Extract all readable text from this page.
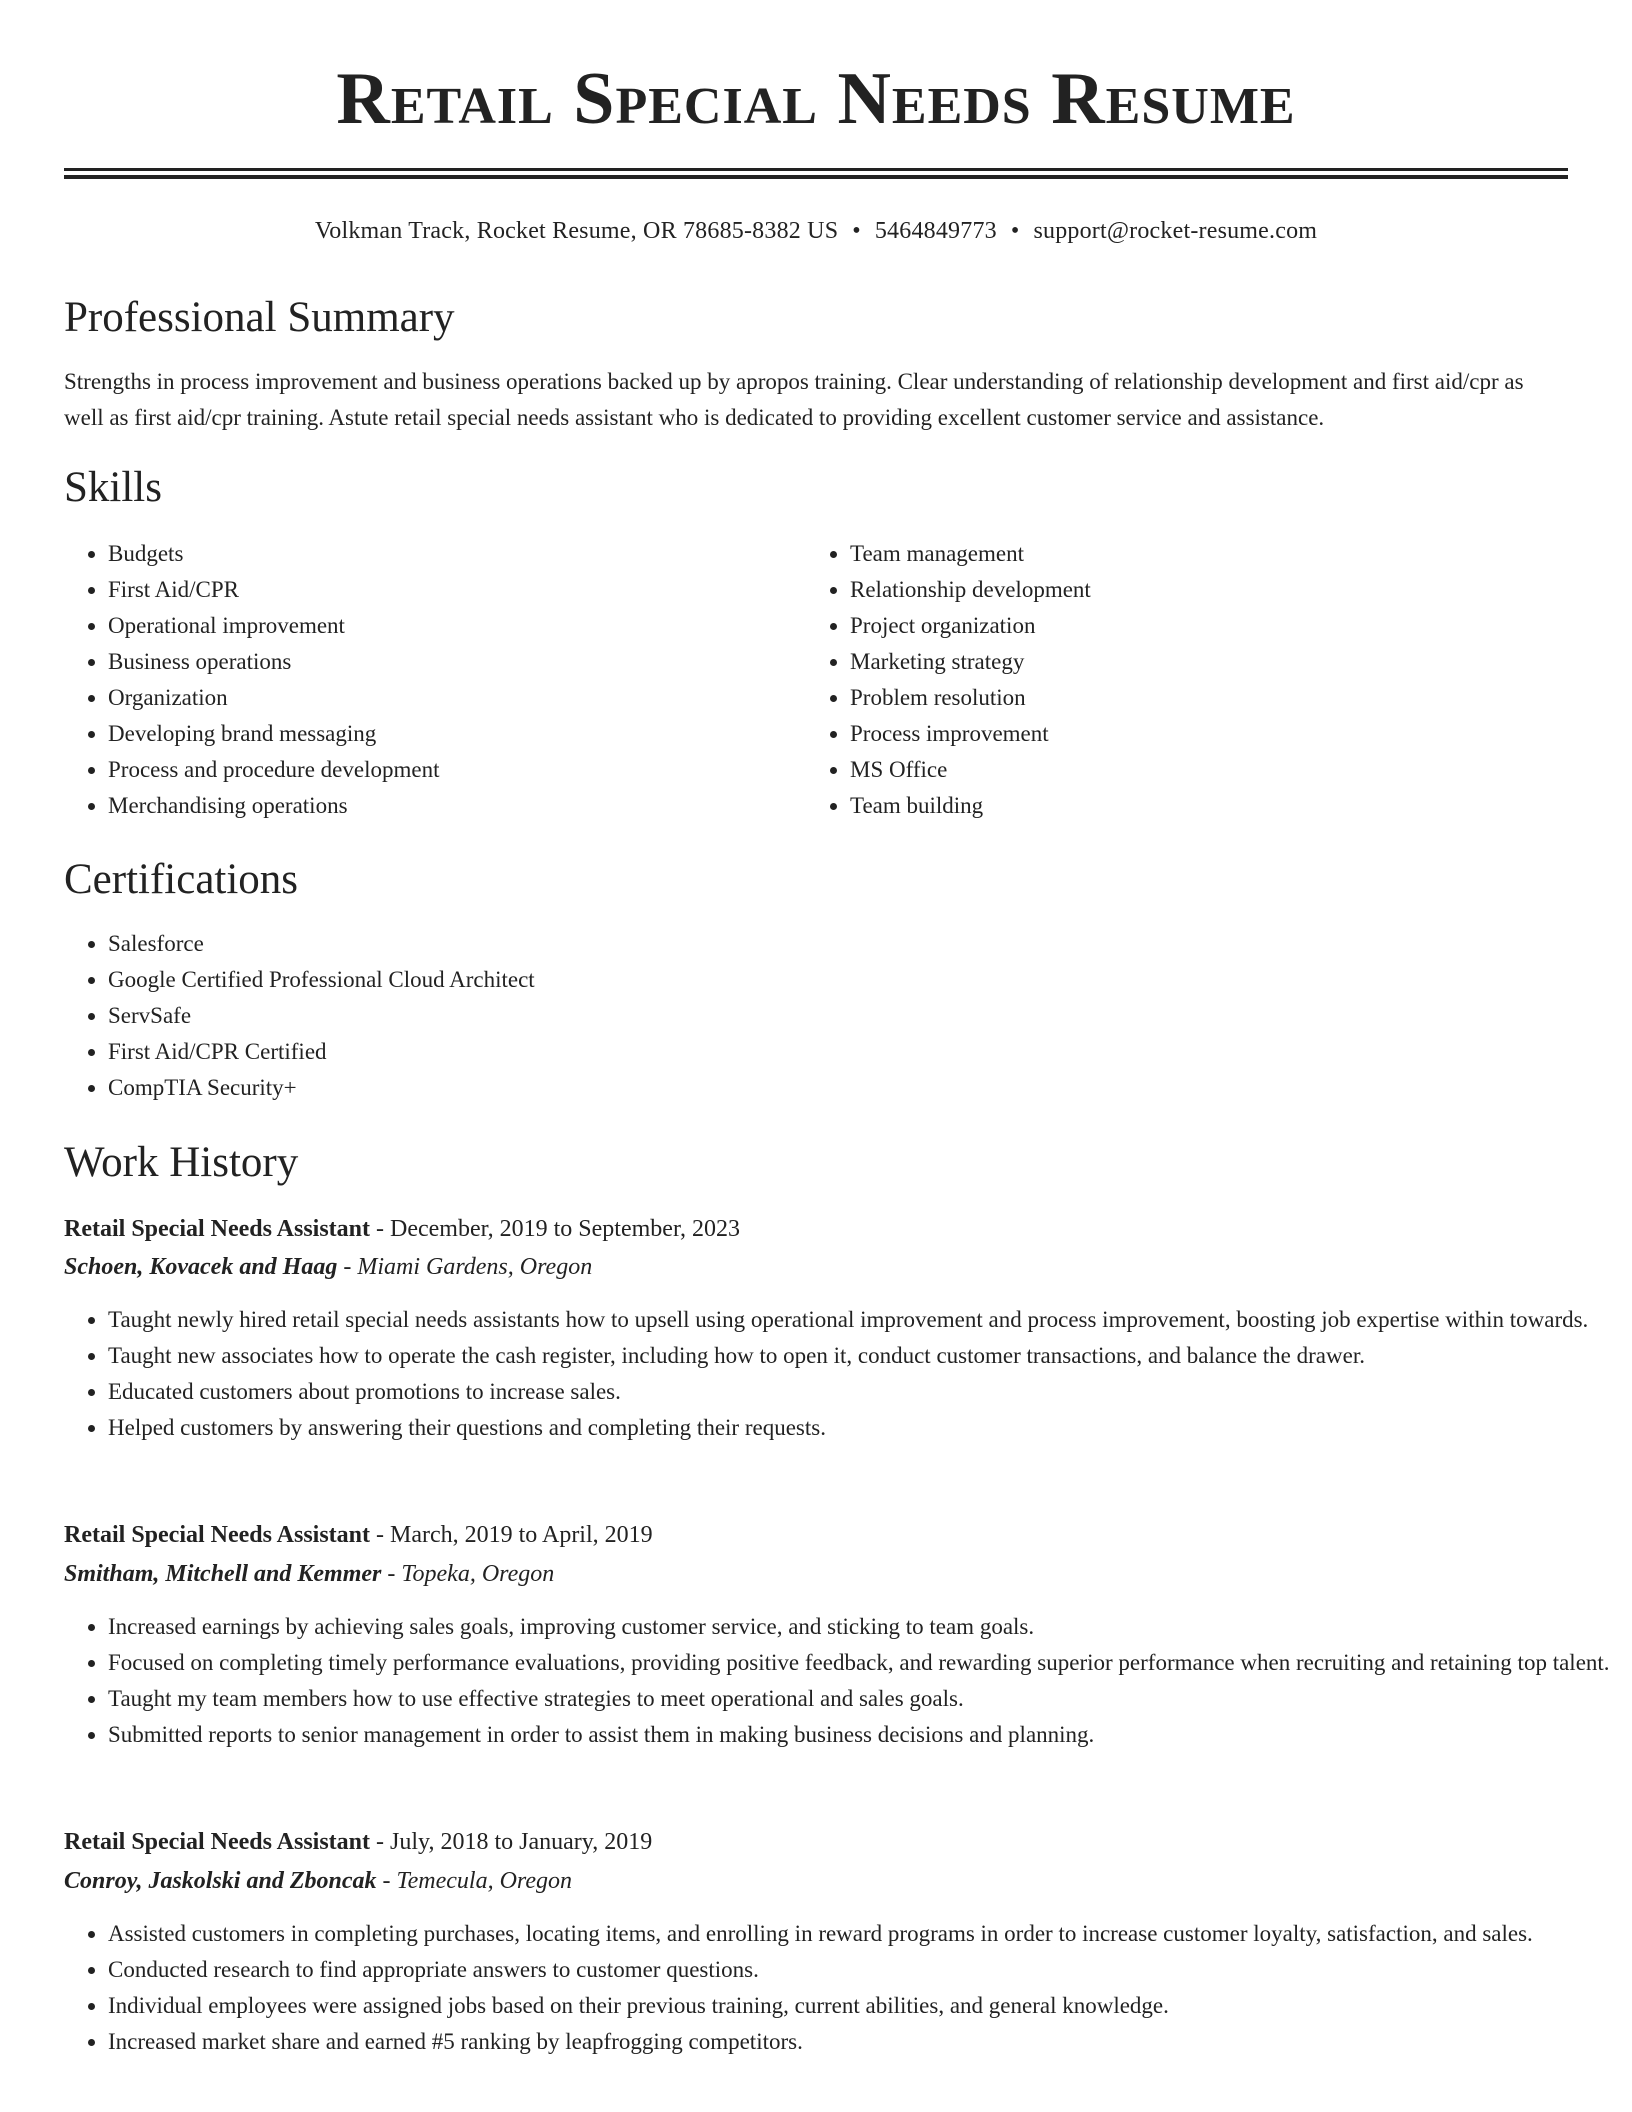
Retail Special Needs Resume
Volkman Track, Rocket Resume, OR 78685-8382 US • 5464849773 • support@rocket-resume.com
Professional Summary

Strengths in process improvement and business operations backed up by apropos training. Clear understanding of relationship development and first aid/cpr as well as first aid/cpr training. Astute retail special needs assistant who is dedicated to providing excellent customer service and assistance.

Skills
• Budgets
• First Aid/CPR
• Operational improvement
• Business operations
• Organization
• Developing brand messaging
• Process and procedure development
• Merchandising operations
• Team management
• Relationship development
• Project organization
• Marketing strategy
• Problem resolution
• Process improvement
• MS Office
• Team building
Certifications
• Salesforce
• Google Certified Professional Cloud Architect
• ServSafe
• First Aid/CPR Certified
• CompTIA Security+
Work History
Retail Special Needs Assistant - December, 2019 to September, 2023
Schoen, Kovacek and Haag - Miami Gardens, Oregon
• Taught newly hired retail special needs assistants how to upsell using operational improvement and process improvement, boosting job expertise within towards.
• Taught new associates how to operate the cash register, including how to open it, conduct customer transactions, and balance the drawer.
• Educated customers about promotions to increase sales.
• Helped customers by answering their questions and completing their requests.
Retail Special Needs Assistant - March, 2019 to April, 2019
Smitham, Mitchell and Kemmer - Topeka, Oregon
• Increased earnings by achieving sales goals, improving customer service, and sticking to team goals.
• Focused on completing timely performance evaluations, providing positive feedback, and rewarding superior performance when recruiting and retaining top talent.
• Taught my team members how to use effective strategies to meet operational and sales goals.
• Submitted reports to senior management in order to assist them in making business decisions and planning.
Retail Special Needs Assistant - July, 2018 to January, 2019
Conroy, Jaskolski and Zboncak - Temecula, Oregon
• Assisted customers in completing purchases, locating items, and enrolling in reward programs in order to increase customer loyalty, satisfaction, and sales.
• Conducted research to find appropriate answers to customer questions.
• Individual employees were assigned jobs based on their previous training, current abilities, and general knowledge.
• Increased market share and earned #5 ranking by leapfrogging competitors.
